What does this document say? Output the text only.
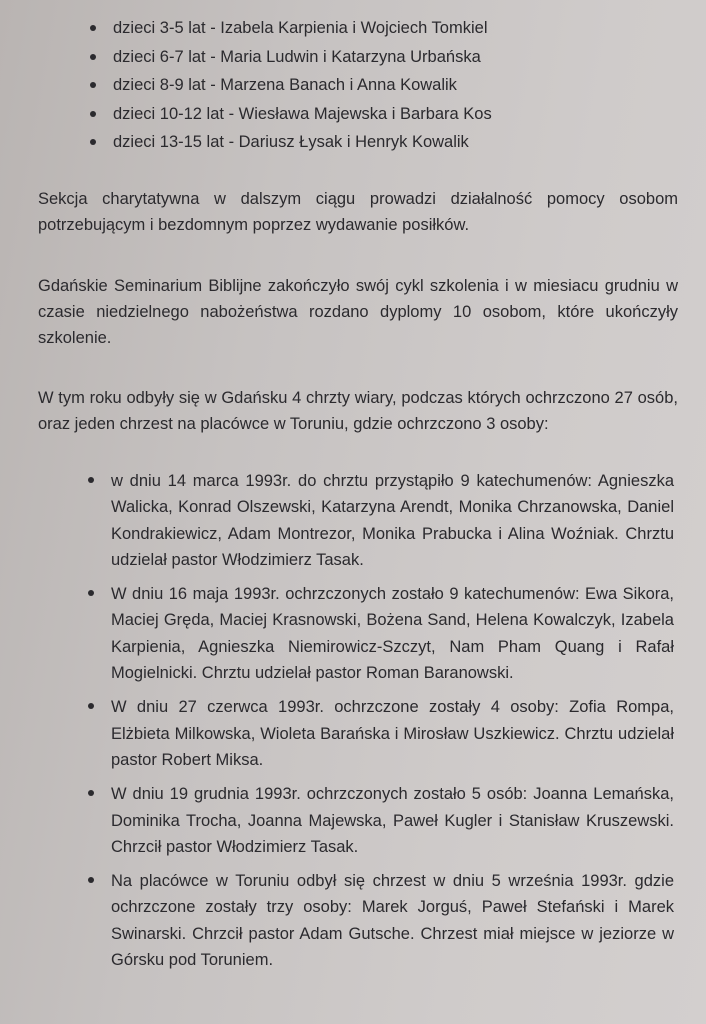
dzieci 3-5 lat - Izabela Karpienia i Wojciech Tomkiel
dzieci 6-7 lat - Maria Ludwin i Katarzyna Urbańska
dzieci 8-9 lat - Marzena Banach i Anna Kowalik
dzieci 10-12 lat - Wiesława Majewska i Barbara Kos
dzieci 13-15 lat - Dariusz Łysak i Henryk Kowalik

Sekcja charytatywna w dalszym ciągu prowadzi działalność pomocy osobom potrzebującym i bezdomnym poprzez wydawanie posiłków.

Gdańskie Seminarium Biblijne zakończyło swój cykl szkolenia i w miesiacu grudniu w czasie niedzielnego nabożeństwa rozdano dyplomy 10 osobom, które ukończyły szkolenie.

W tym roku odbyły się w Gdańsku 4 chrzty wiary, podczas których ochrzczono 27 osób, oraz jeden chrzest na placówce w Toruniu, gdzie ochrzczono 3 osoby:

w dniu 14 marca 1993r. do chrztu przystąpiło 9 katechumenów: Agnieszka Walicka, Konrad Olszewski, Katarzyna Arendt, Monika Chrzanowska, Daniel Kondrakiewicz, Adam Montrezor, Monika Prabucka i Alina Woźniak. Chrztu udzielał pastor Włodzimierz Tasak.
W dniu 16 maja 1993r. ochrzczonych zostało 9 katechumenów: Ewa Sikora, Maciej Gręda, Maciej Krasnowski, Bożena Sand, Helena Kowalczyk, Izabela Karpienia, Agnieszka Niemirowicz-Szczyt, Nam Pham Quang i Rafał Mogielnicki. Chrztu udzielał pastor Roman Baranowski.
W dniu 27 czerwca 1993r. ochrzczone zostały 4 osoby: Zofia Rompa, Elżbieta Milkowska, Wioleta Barańska i Mirosław Uszkiewicz. Chrztu udzielał pastor Robert Miksa.
W dniu 19 grudnia 1993r. ochrzczonych zostało 5 osób: Joanna Lemańska, Dominika Trocha, Joanna Majewska, Paweł Kugler i Stanisław Kruszewski. Chrzcił pastor Włodzimierz Tasak.
Na placówce w Toruniu odbył się chrzest w dniu 5 września 1993r. gdzie ochrzczone zostały trzy osoby: Marek Jorguś, Paweł Stefański i Marek Swinarski. Chrzcił pastor Adam Gutsche. Chrzest miał miejsce w jeziorze w Górsku pod Toruniem.
